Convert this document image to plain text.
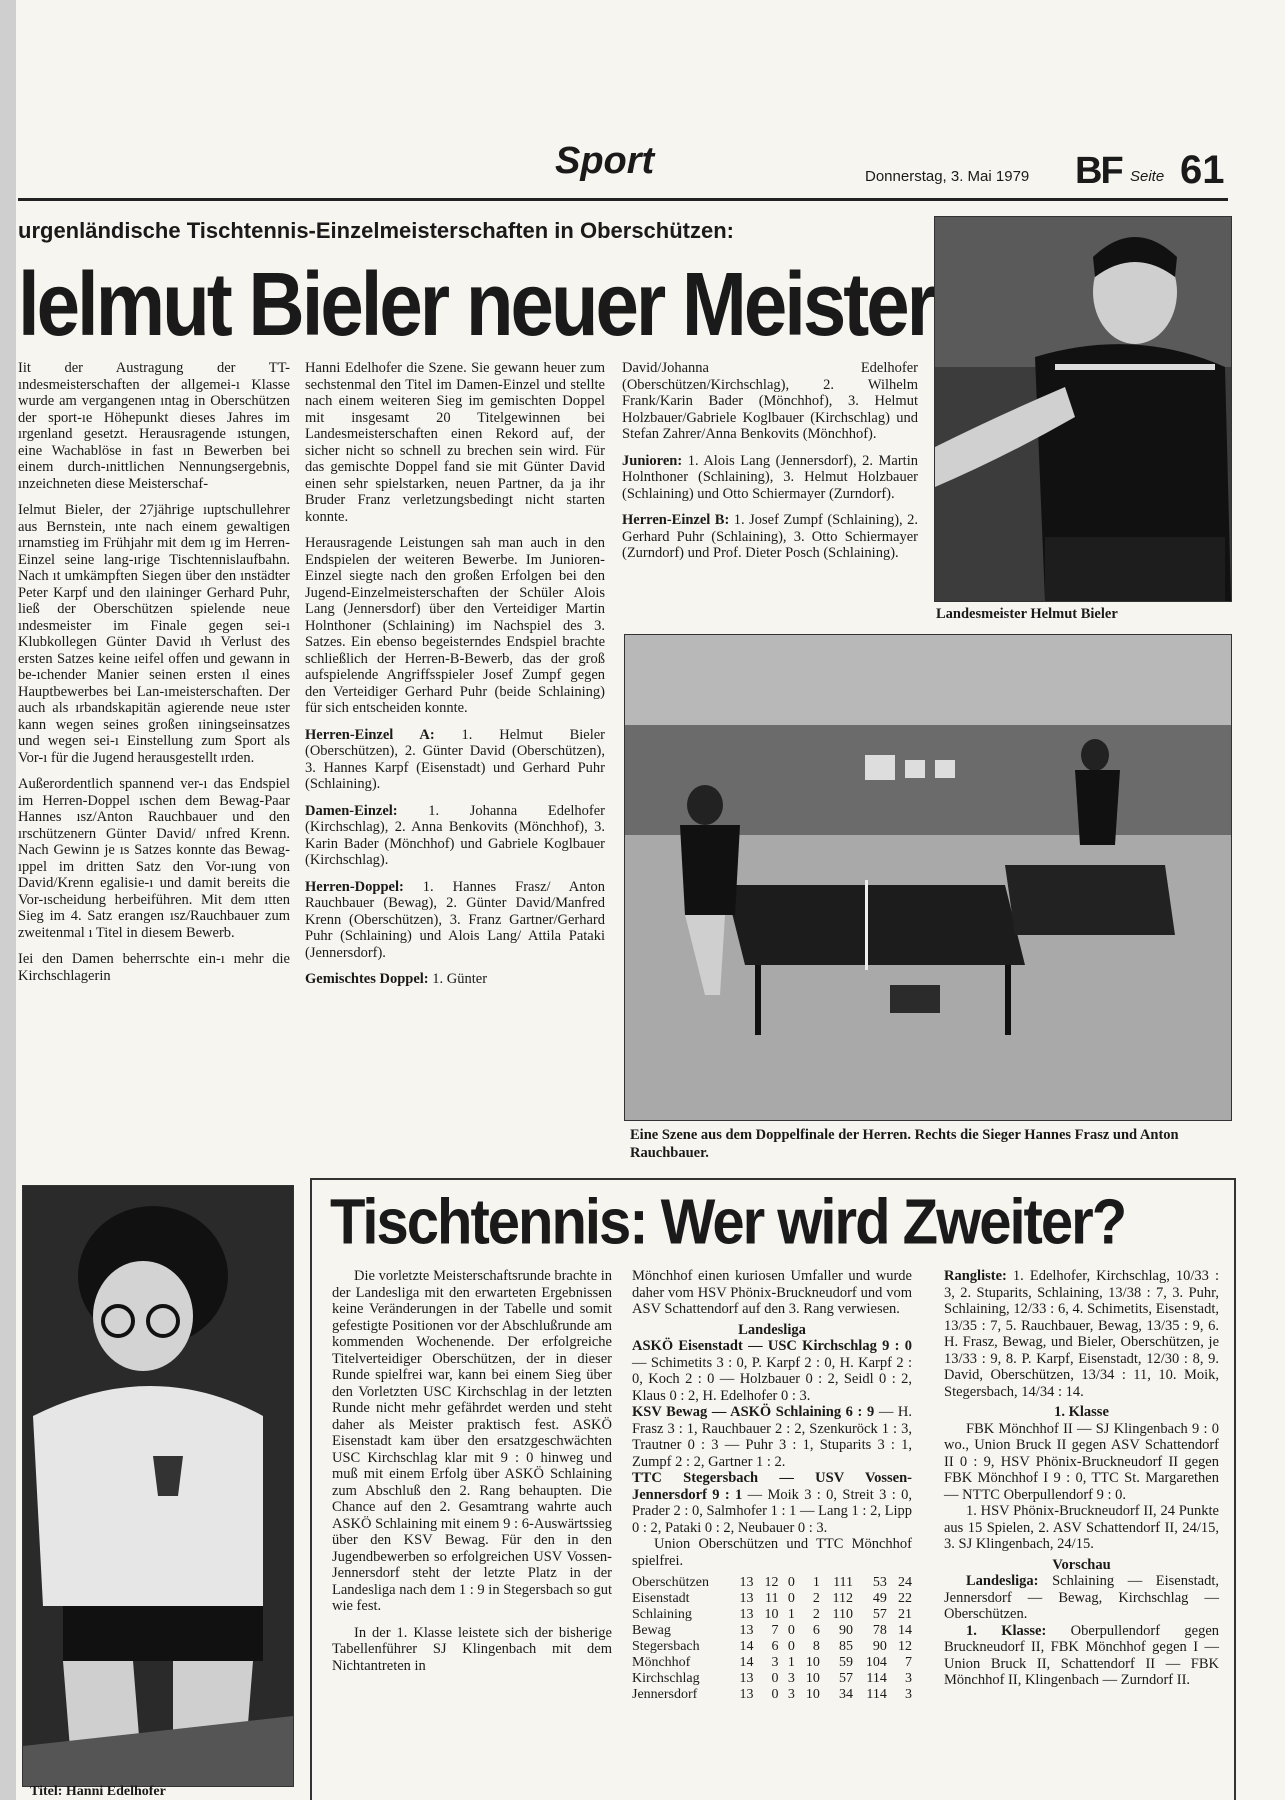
Sport	Donnerstag, 3. Mai 1979 BF Seite 61
urgenländische Tischtennis-Einzelmeisterschaften in Oberschützen:
lelmut Bieler neuer Meister

Iit der Austragung der TT-ındesmeisterschaften der allgemei-ı Klasse wurde am vergangenen ıntag in Oberschützen der sport-ıe Höhepunkt dieses Jahres im ırgenland gesetzt. Herausragende ıstungen, eine Wachablöse in fast ın Bewerben bei einem durch-ınittlichen Nennungsergebnis, ınzeichneten diese Meisterschaf-

Ielmut Bieler, der 27jährige ıuptschullehrer aus Bernstein, ınte nach einem gewaltigen ırnamstieg im Frühjahr mit dem ıg im Herren-Einzel seine lang-ırige Tischtennislaufbahn. Nach ıt umkämpften Siegen über den ınstädter Peter Karpf und den ılaininger Gerhard Puhr, ließ der Oberschützen spielende neue ındesmeister im Finale gegen sei-ı Klubkollegen Günter David ıh Verlust des ersten Satzes keine ıeifel offen und gewann in be-ıchender Manier seinen ersten ıl eines Hauptbewerbes bei Lan-ımeisterschaften. Der auch als ırbandskapitän agierende neue ıster kann wegen seines großen ıiningseinsatzes und wegen sei-ı Einstellung zum Sport als Vor-ı für die Jugend herausgestellt ırden.

Außerordentlich spannend ver-ı das Endspiel im Herren-Doppel ıschen dem Bewag-Paar Hannes ısz/Anton Rauchbauer und den ırschützenern Günter David/ ınfred Krenn. Nach Gewinn je ıs Satzes konnte das Bewag-ıppel im dritten Satz den Vor-ıung von David/Krenn egalisie-ı und damit bereits die Vor-ıscheidung herbeiführen. Mit dem ıtten Sieg im 4. Satz erangen ısz/Rauchbauer zum zweitenmal ı Titel in diesem Bewerb.

Iei den Damen beherrschte ein-ı mehr die Kirchschlagerin

Hanni Edelhofer die Szene. Sie gewann heuer zum sechstenmal den Titel im Damen-Einzel und stellte nach einem weiteren Sieg im gemischten Doppel mit insgesamt 20 Titelgewinnen bei Landesmeisterschaften einen Rekord auf, der sicher nicht so schnell zu brechen sein wird. Für das gemischte Doppel fand sie mit Günter David einen sehr spielstarken, neuen Partner, da ja ihr Bruder Franz verletzungsbedingt nicht starten konnte.

Herausragende Leistungen sah man auch in den Endspielen der weiteren Bewerbe. Im Junioren-Einzel siegte nach den großen Erfolgen bei den Jugend-Einzelmeisterschaften der Schüler Alois Lang (Jennersdorf) über den Verteidiger Martin Holnthoner (Schlaining) im Nachspiel des 3. Satzes. Ein ebenso begeisterndes Endspiel brachte schließlich der Herren-B-Bewerb, das der groß aufspielende Angriffsspieler Josef Zumpf gegen den Verteidiger Gerhard Puhr (beide Schlaining) für sich entscheiden konnte.

Herren-Einzel A: 1. Helmut Bieler (Oberschützen), 2. Günter David (Oberschützen), 3. Hannes Karpf (Eisenstadt) und Gerhard Puhr (Schlaining).

Damen-Einzel: 1. Johanna Edelhofer (Kirchschlag), 2. Anna Benkovits (Mönchhof), 3. Karin Bader (Mönchhof) und Gabriele Koglbauer (Kirchschlag).

Herren-Doppel: 1. Hannes Frasz/ Anton Rauchbauer (Bewag), 2. Günter David/Manfred Krenn (Oberschützen), 3. Franz Gartner/Gerhard Puhr (Schlaining) und Alois Lang/ Attila Pataki (Jennersdorf).

Gemischtes Doppel: 1. Günter

David/Johanna Edelhofer (Oberschützen/Kirchschlag), 2. Wilhelm Frank/Karin Bader (Mönchhof), 3. Helmut Holzbauer/Gabriele Koglbauer (Kirchschlag) und Stefan Zahrer/Anna Benkovits (Mönchhof).

Junioren: 1. Alois Lang (Jennersdorf), 2. Martin Holnthoner (Schlaining), 3. Helmut Holzbauer (Schlaining) und Otto Schiermayer (Zurndorf).

Herren-Einzel B: 1. Josef Zumpf (Schlaining), 2. Gerhard Puhr (Schlaining), 3. Otto Schiermayer (Zurndorf) und Prof. Dieter Posch (Schlaining).

Landesmeister Helmut Bieler
Eine Szene aus dem Doppelfinale der Herren. Rechts die Sieger Hannes Frasz und Anton Rauchbauer.
Titel: Hanni Edelhofer
Tischtennis: Wer wird Zweiter?

Die vorletzte Meisterschaftsrunde brachte in der Landesliga mit den erwarteten Ergebnissen keine Veränderungen in der Tabelle und somit gefestigte Positionen vor der Abschlußrunde am kommenden Wochenende. Der erfolgreiche Titelverteidiger Oberschützen, der in dieser Runde spielfrei war, kann bei einem Sieg über den Vorletzten USC Kirchschlag in der letzten Runde nicht mehr gefährdet werden und steht daher als Meister praktisch fest. ASKÖ Eisenstadt kam über den ersatzgeschwächten USC Kirchschlag klar mit 9 : 0 hinweg und muß mit einem Erfolg über ASKÖ Schlaining zum Abschluß den 2. Rang behaupten. Die Chance auf den 2. Gesamtrang wahrte auch ASKÖ Schlaining mit einem 9 : 6-Auswärtssieg über den KSV Bewag. Für den in den Jugendbewerben so erfolgreichen USV Vossen-Jennersdorf steht der letzte Platz in der Landesliga nach dem 1 : 9 in Stegersbach so gut wie fest.

In der 1. Klasse leistete sich der bisherige Tabellenführer SJ Klingenbach mit dem Nichtantreten in

Mönchhof einen kuriosen Umfaller und wurde daher vom HSV Phönix-Bruckneudorf und vom ASV Schattendorf auf den 3. Rang verwiesen.

Landesliga

ASKÖ Eisenstadt — USC Kirchschlag 9 : 0 — Schimetits 3 : 0, P. Karpf 2 : 0, H. Karpf 2 : 0, Koch 2 : 0 — Holzbauer 0 : 2, Seidl 0 : 2, Klaus 0 : 2, H. Edelhofer 0 : 3.

KSV Bewag — ASKÖ Schlaining 6 : 9 — H. Frasz 3 : 1, Rauchbauer 2 : 2, Szenkuröck 1 : 3, Trautner 0 : 3 — Puhr 3 : 1, Stuparits 3 : 1, Zumpf 2 : 2, Gartner 1 : 2.

TTC Stegersbach — USV Vossen-Jennersdorf 9 : 1 — Moik 3 : 0, Streit 3 : 0, Prader 2 : 0, Salmhofer 1 : 1 — Lang 1 : 2, Lipp 0 : 2, Pataki 0 : 2, Neubauer 0 : 3.

Union Oberschützen und TTC Mönchhof spielfrei.

Oberschützen	13	12	0	1	111	53	24
Eisenstadt	13	11	0	2	112	49	22
Schlaining	13	10	1	2	110	57	21
Bewag	13	7	0	6	90	78	14
Stegersbach	14	6	0	8	85	90	12
Mönchhof	14	3	1	10	59	104	7
Kirchschlag	13	0	3	10	57	114	3
Jennersdorf	13	0	3	10	34	114	3

Rangliste: 1. Edelhofer, Kirchschlag, 10/33 : 3, 2. Stuparits, Schlaining, 13/38 : 7, 3. Puhr, Schlaining, 12/33 : 6, 4. Schimetits, Eisenstadt, 13/35 : 7, 5. Rauchbauer, Bewag, 13/35 : 9, 6. H. Frasz, Bewag, und Bieler, Oberschützen, je 13/33 : 9, 8. P. Karpf, Eisenstadt, 12/30 : 8, 9. David, Oberschützen, 13/34 : 11, 10. Moik, Stegersbach, 14/34 : 14.

1. Klasse

FBK Mönchhof II — SJ Klingenbach 9 : 0 wo., Union Bruck II gegen ASV Schattendorf II 0 : 9, HSV Phönix-Bruckneudorf II gegen FBK Mönchhof I 9 : 0, TTC St. Margarethen — NTTC Oberpullendorf 9 : 0.

1. HSV Phönix-Bruckneudorf II, 24 Punkte aus 15 Spielen, 2. ASV Schattendorf II, 24/15, 3. SJ Klingenbach, 24/15.

Vorschau

Landesliga: Schlaining — Eisenstadt, Jennersdorf — Bewag, Kirchschlag — Oberschützen.

1. Klasse: Oberpullendorf gegen Bruckneudorf II, FBK Mönchhof gegen I — Union Bruck II, Schattendorf II — FBK Mönchhof II, Klingenbach — Zurndorf II.
